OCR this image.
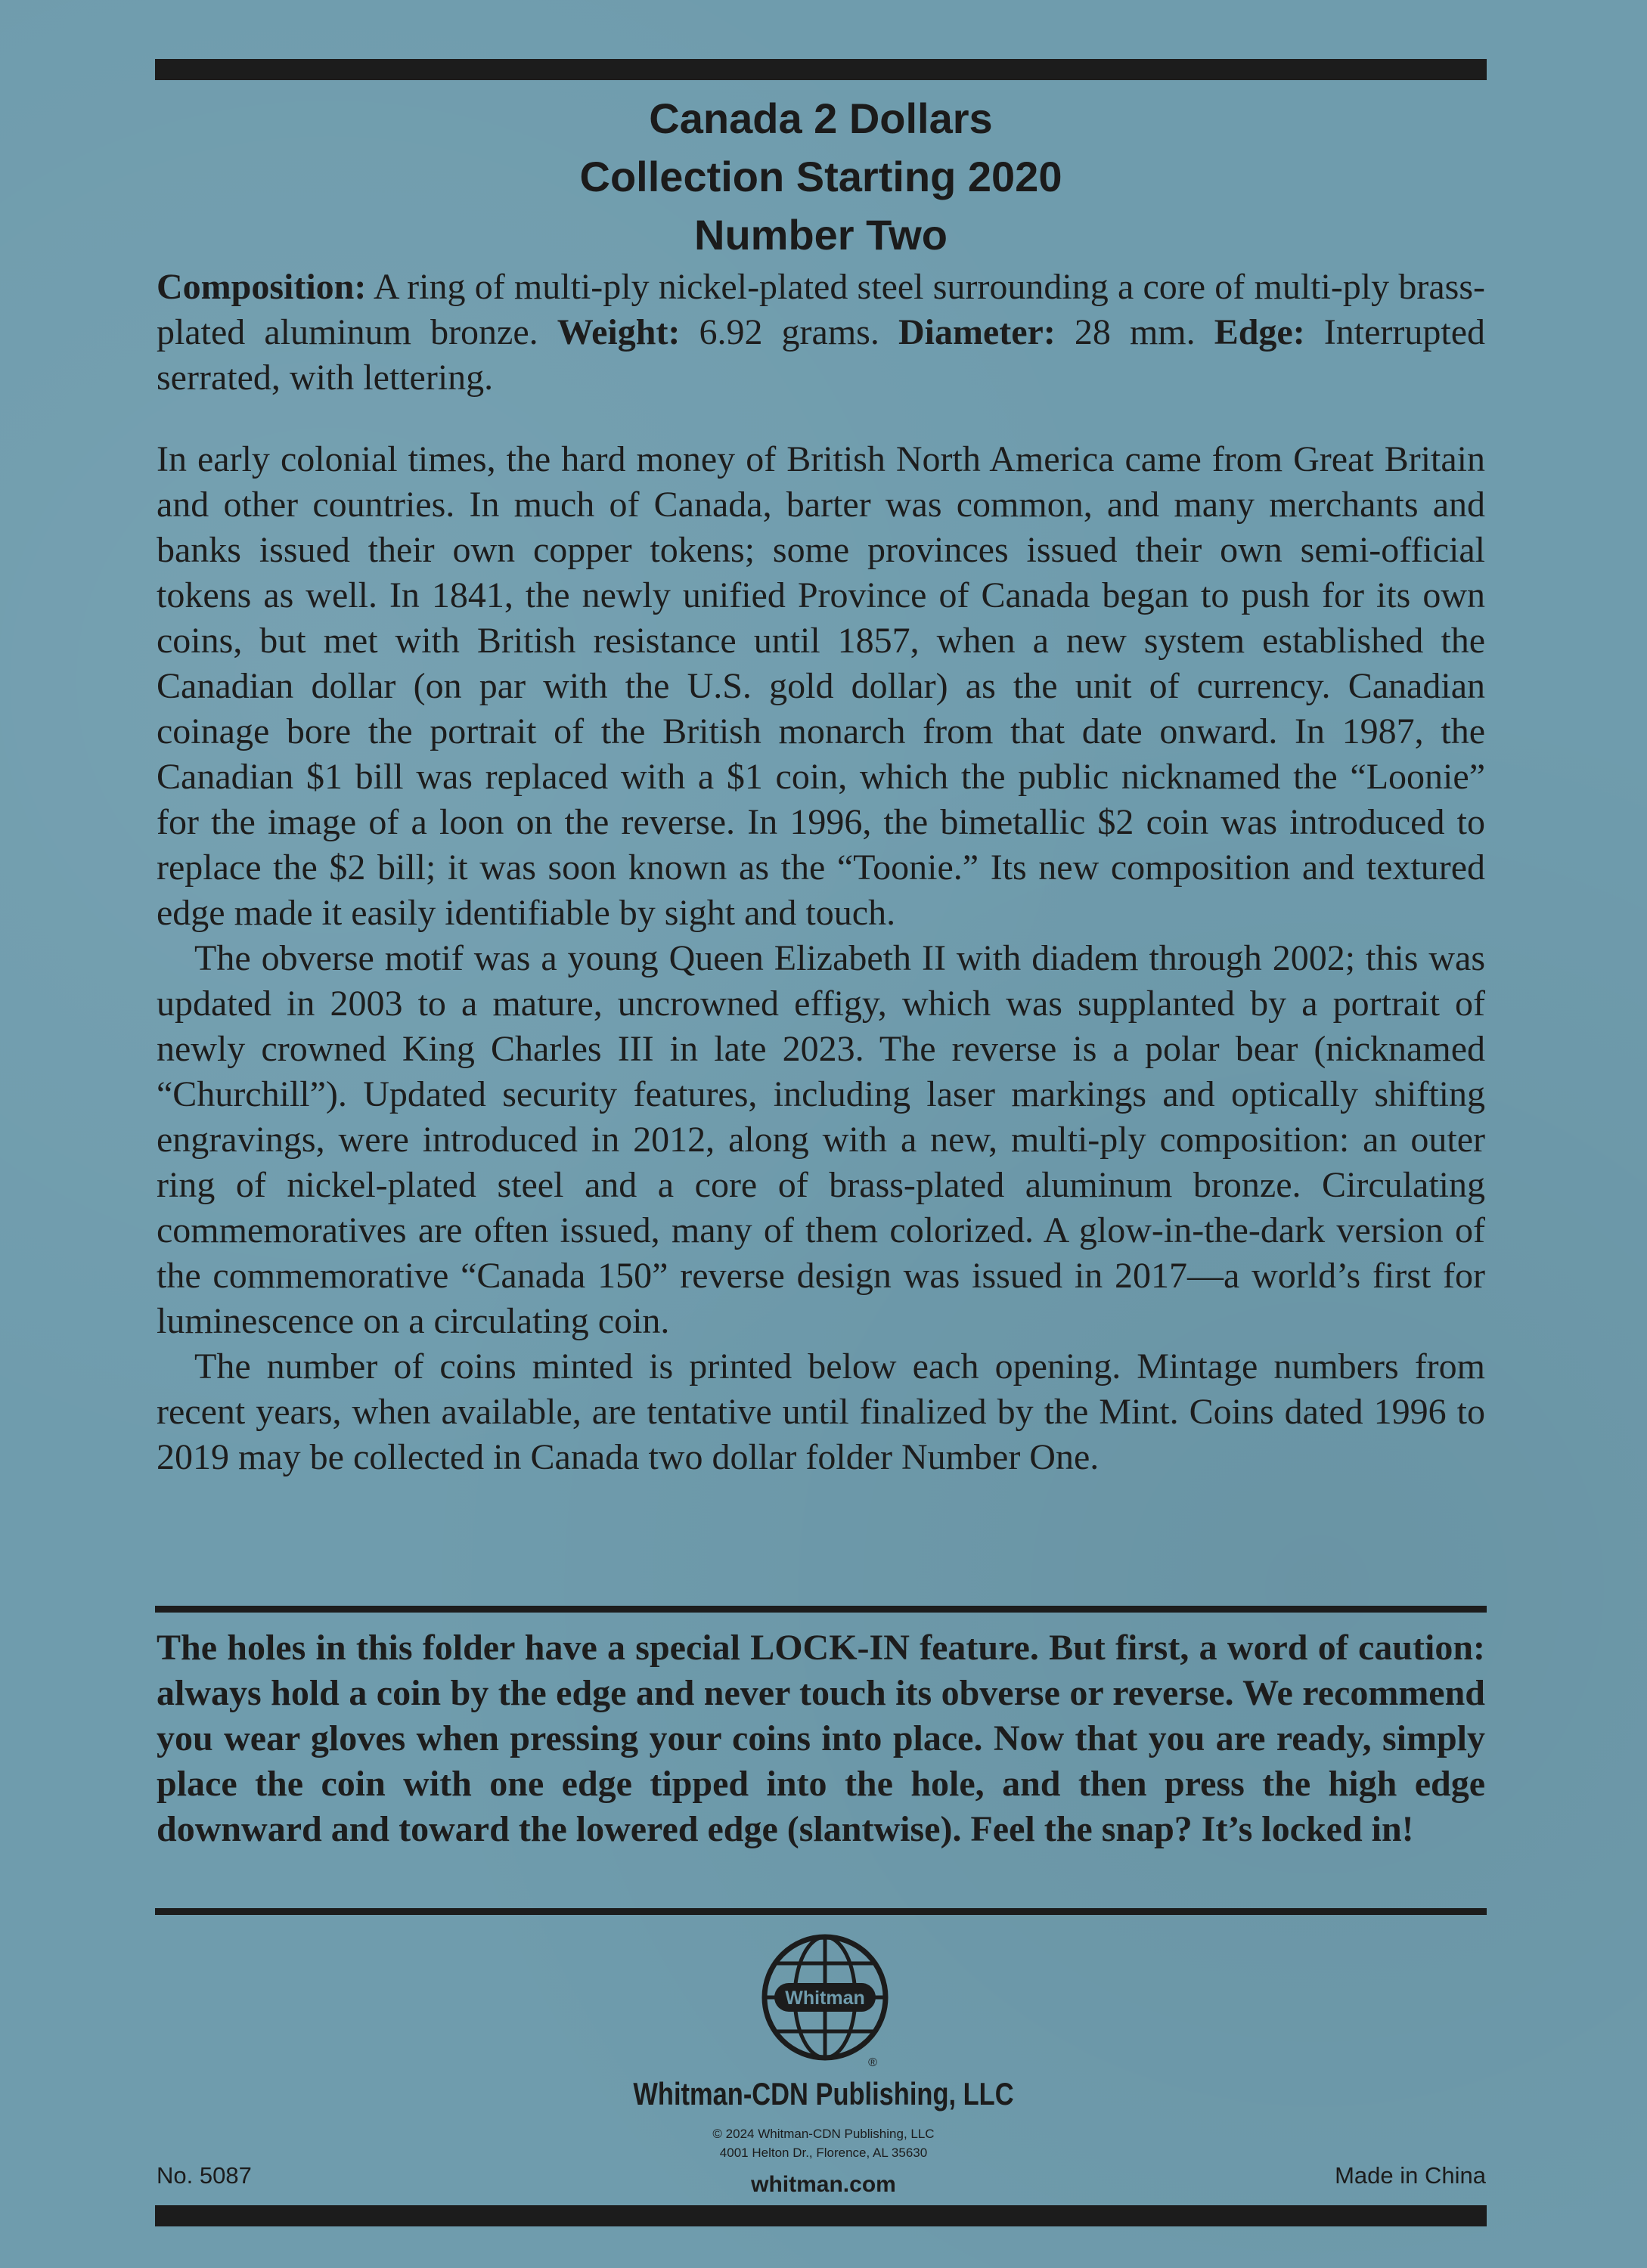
Canada 2 Dollars
Collection Starting 2020
Number Two

Composition: A ring of multi-ply nickel-plated steel surrounding a core of multi-ply brass-plated aluminum bronze. Weight: 6.92 grams. Diameter: 28 mm. Edge: Interrupted serrated, with lettering.

In early colonial times, the hard money of British North America came from Great Britain and other countries. In much of Canada, barter was common, and many merchants and banks issued their own copper tokens; some provinces issued their own semi-official tokens as well. In 1841, the newly unified Province of Canada began to push for its own coins, but met with British resistance until 1857, when a new system established the Canadian dollar (on par with the U.S. gold dollar) as the unit of currency. Canadian coinage bore the portrait of the British monarch from that date onward. In 1987, the Canadian $1 bill was replaced with a $1 coin, which the public nicknamed the “Loonie” for the image of a loon on the reverse. In 1996, the bimetallic $2 coin was introduced to replace the $2 bill; it was soon known as the “Toonie.” Its new composition and textured edge made it easily identifiable by sight and touch.

The obverse motif was a young Queen Elizabeth II with diadem through 2002; this was updated in 2003 to a mature, uncrowned effigy, which was supplanted by a portrait of newly crowned King Charles III in late 2023. The reverse is a polar bear (nicknamed “Churchill”). Updated security features, including laser markings and optically shifting engravings, were introduced in 2012, along with a new, multi-ply composition: an outer ring of nickel-plated steel and a core of brass-plated aluminum bronze. Circulating commemoratives are often issued, many of them colorized. A glow-in-the-dark version of the commemorative “Canada 150” reverse design was issued in 2017—a world’s first for luminescence on a circulating coin.

The number of coins minted is printed below each opening. Mintage numbers from recent years, when available, are tentative until finalized by the Mint. Coins dated 1996 to 2019 may be collected in Canada two dollar folder Number One.

The holes in this folder have a special LOCK-IN feature. But first, a word of caution: always hold a coin by the edge and never touch its obverse or reverse. We recommend you wear gloves when pressing your coins into place. Now that you are ready, simply place the coin with one edge tipped into the hole, and then press the high edge downward and toward the lowered edge (slantwise). Feel the snap? It’s locked in!

Whitman
®
Whitman-CDN Publishing, LLC
© 2024 Whitman-CDN Publishing, LLC
4001 Helton Dr., Florence, AL 35630
whitman.com
No. 5087	Made in China
